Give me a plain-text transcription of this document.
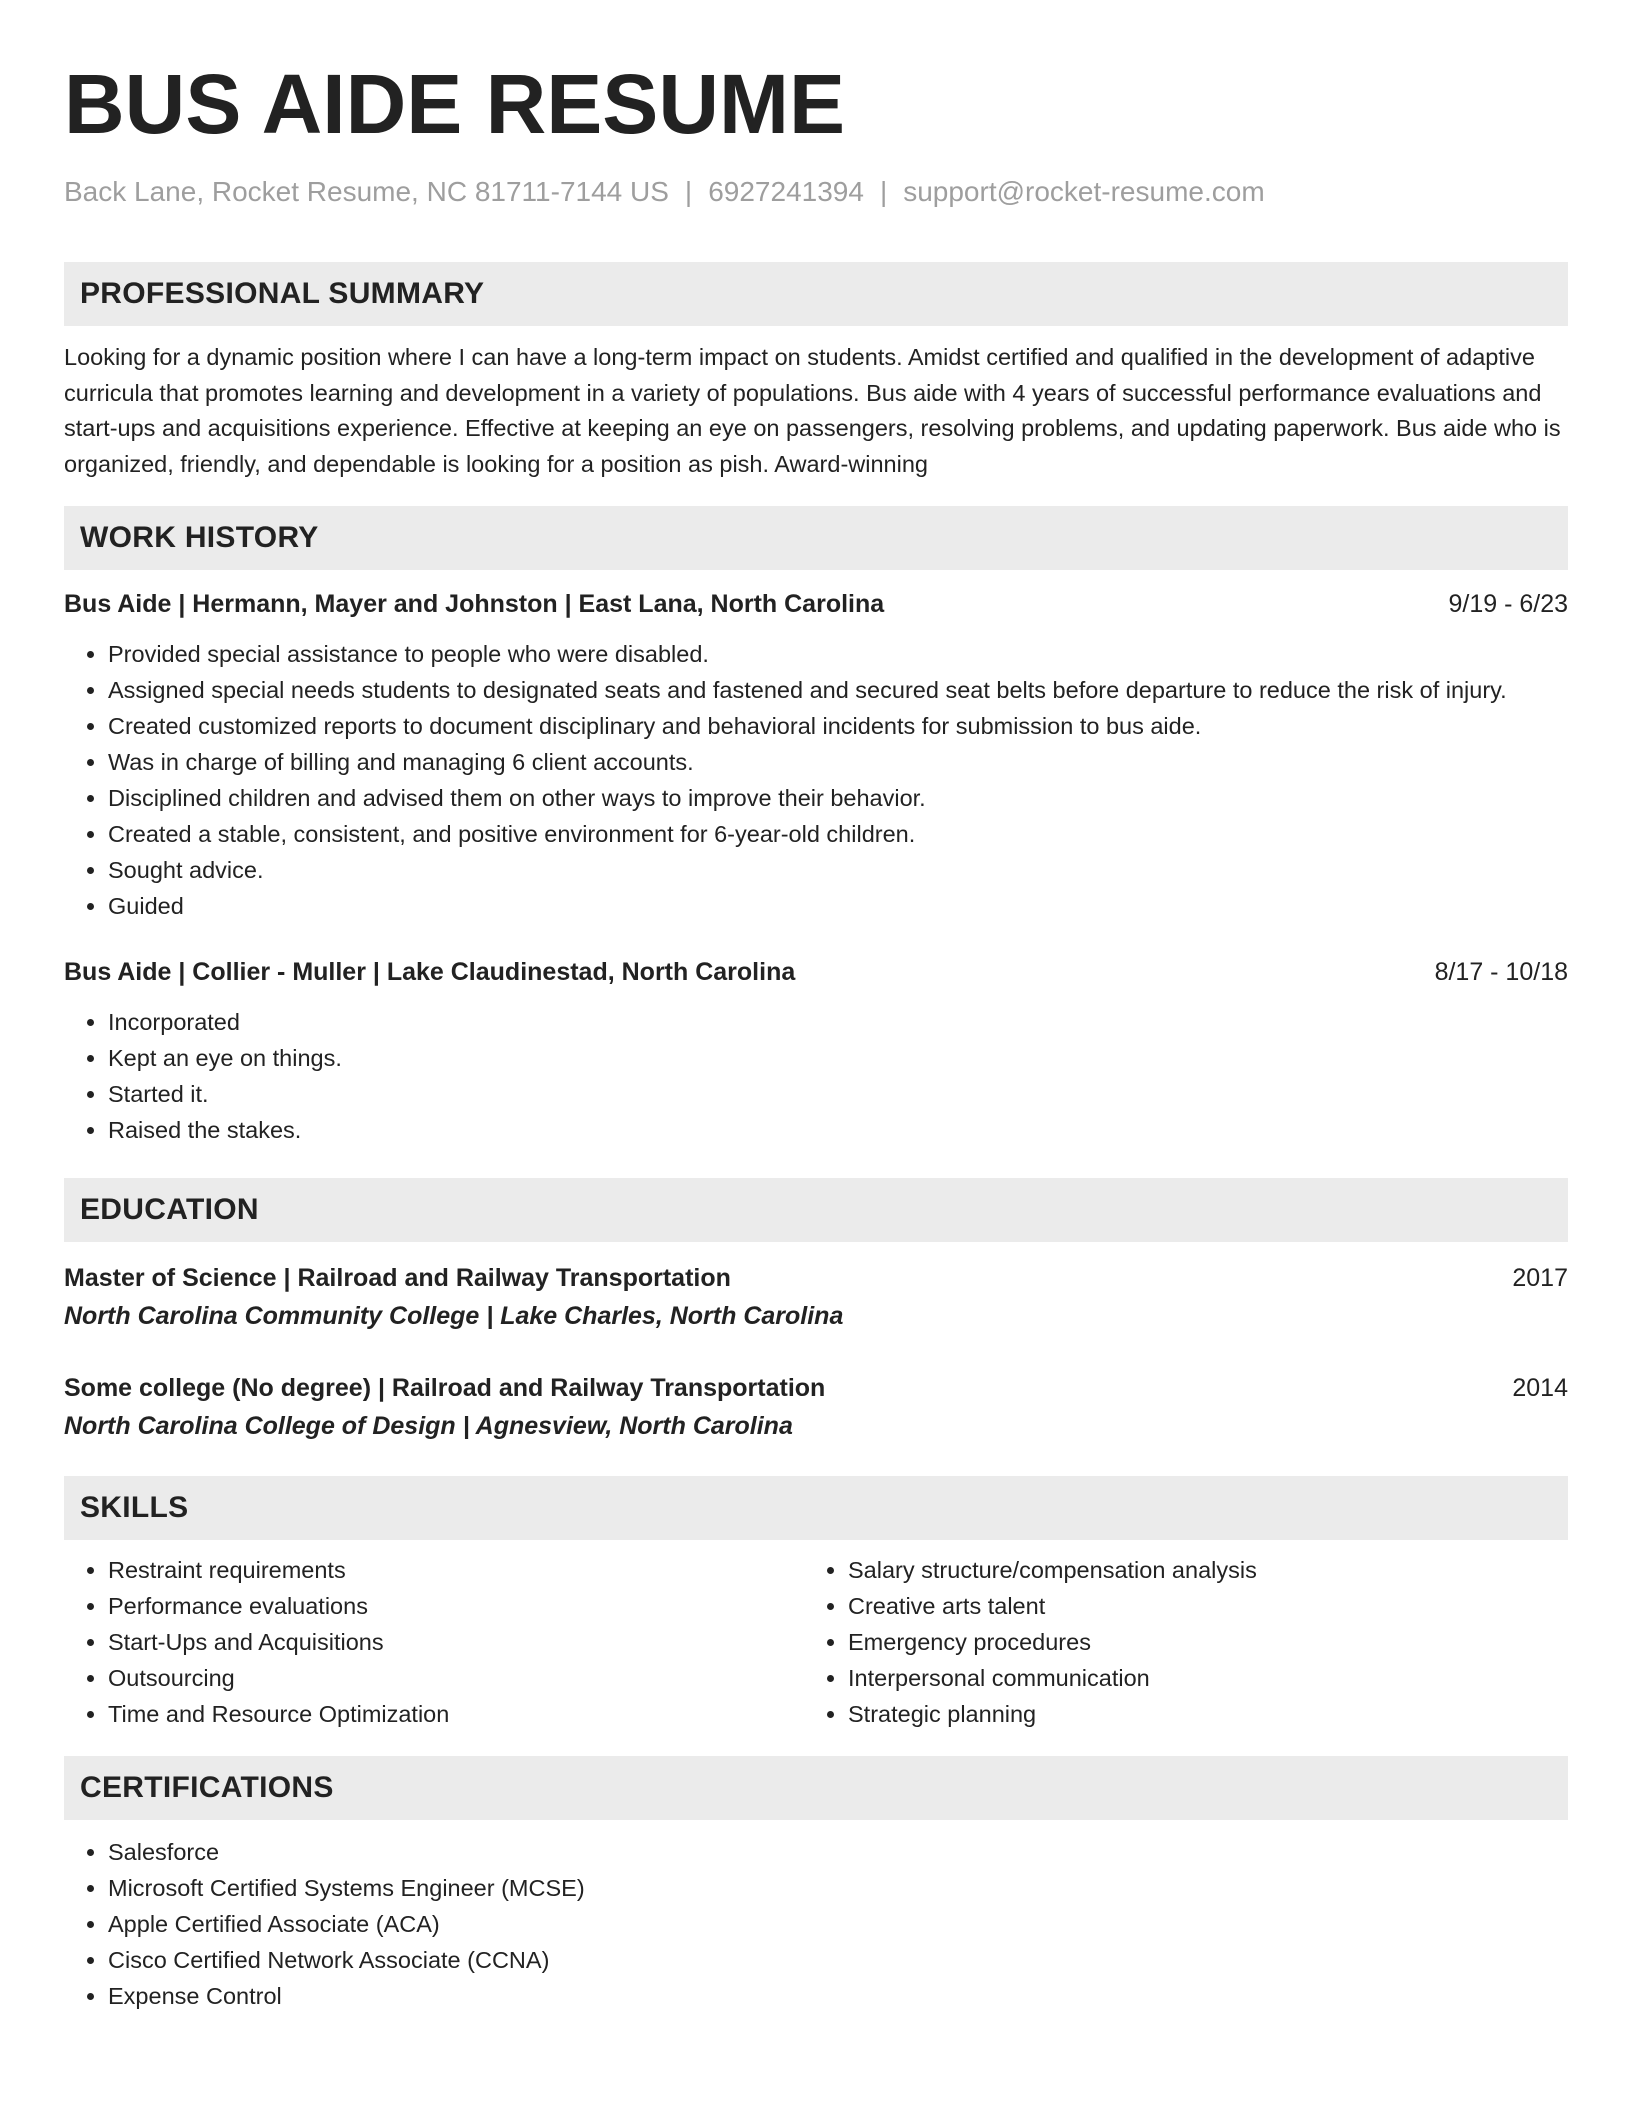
BUS AIDE RESUME
Back Lane, Rocket Resume, NC 81711-7144 US | 6927241394 | support@rocket-resume.com
PROFESSIONAL SUMMARY
Looking for a dynamic position where I can have a long-term impact on students. Amidst certified and qualified in the development of adaptive curricula that promotes learning and development in a variety of populations. Bus aide with 4 years of successful performance evaluations and start-ups and acquisitions experience. Effective at keeping an eye on passengers, resolving problems, and updating paperwork. Bus aide who is organized, friendly, and dependable is looking for a position as pish. Award-winning
WORK HISTORY
Bus Aide | Hermann, Mayer and Johnston | East Lana, North Carolina	9/19 - 6/23
• Provided special assistance to people who were disabled.
• Assigned special needs students to designated seats and fastened and secured seat belts before departure to reduce the risk of injury.
• Created customized reports to document disciplinary and behavioral incidents for submission to bus aide.
• Was in charge of billing and managing 6 client accounts.
• Disciplined children and advised them on other ways to improve their behavior.
• Created a stable, consistent, and positive environment for 6-year-old children.
• Sought advice.
• Guided
Bus Aide | Collier - Muller | Lake Claudinestad, North Carolina	8/17 - 10/18
• Incorporated
• Kept an eye on things.
• Started it.
• Raised the stakes.
EDUCATION
Master of Science | Railroad and Railway Transportation	2017
North Carolina Community College | Lake Charles, North Carolina
Some college (No degree) | Railroad and Railway Transportation	2014
North Carolina College of Design | Agnesview, North Carolina
SKILLS
• Restraint requirements
• Performance evaluations
• Start-Ups and Acquisitions
• Outsourcing
• Time and Resource Optimization
• Salary structure/compensation analysis
• Creative arts talent
• Emergency procedures
• Interpersonal communication
• Strategic planning
CERTIFICATIONS
• Salesforce
• Microsoft Certified Systems Engineer (MCSE)
• Apple Certified Associate (ACA)
• Cisco Certified Network Associate (CCNA)
• Expense Control
